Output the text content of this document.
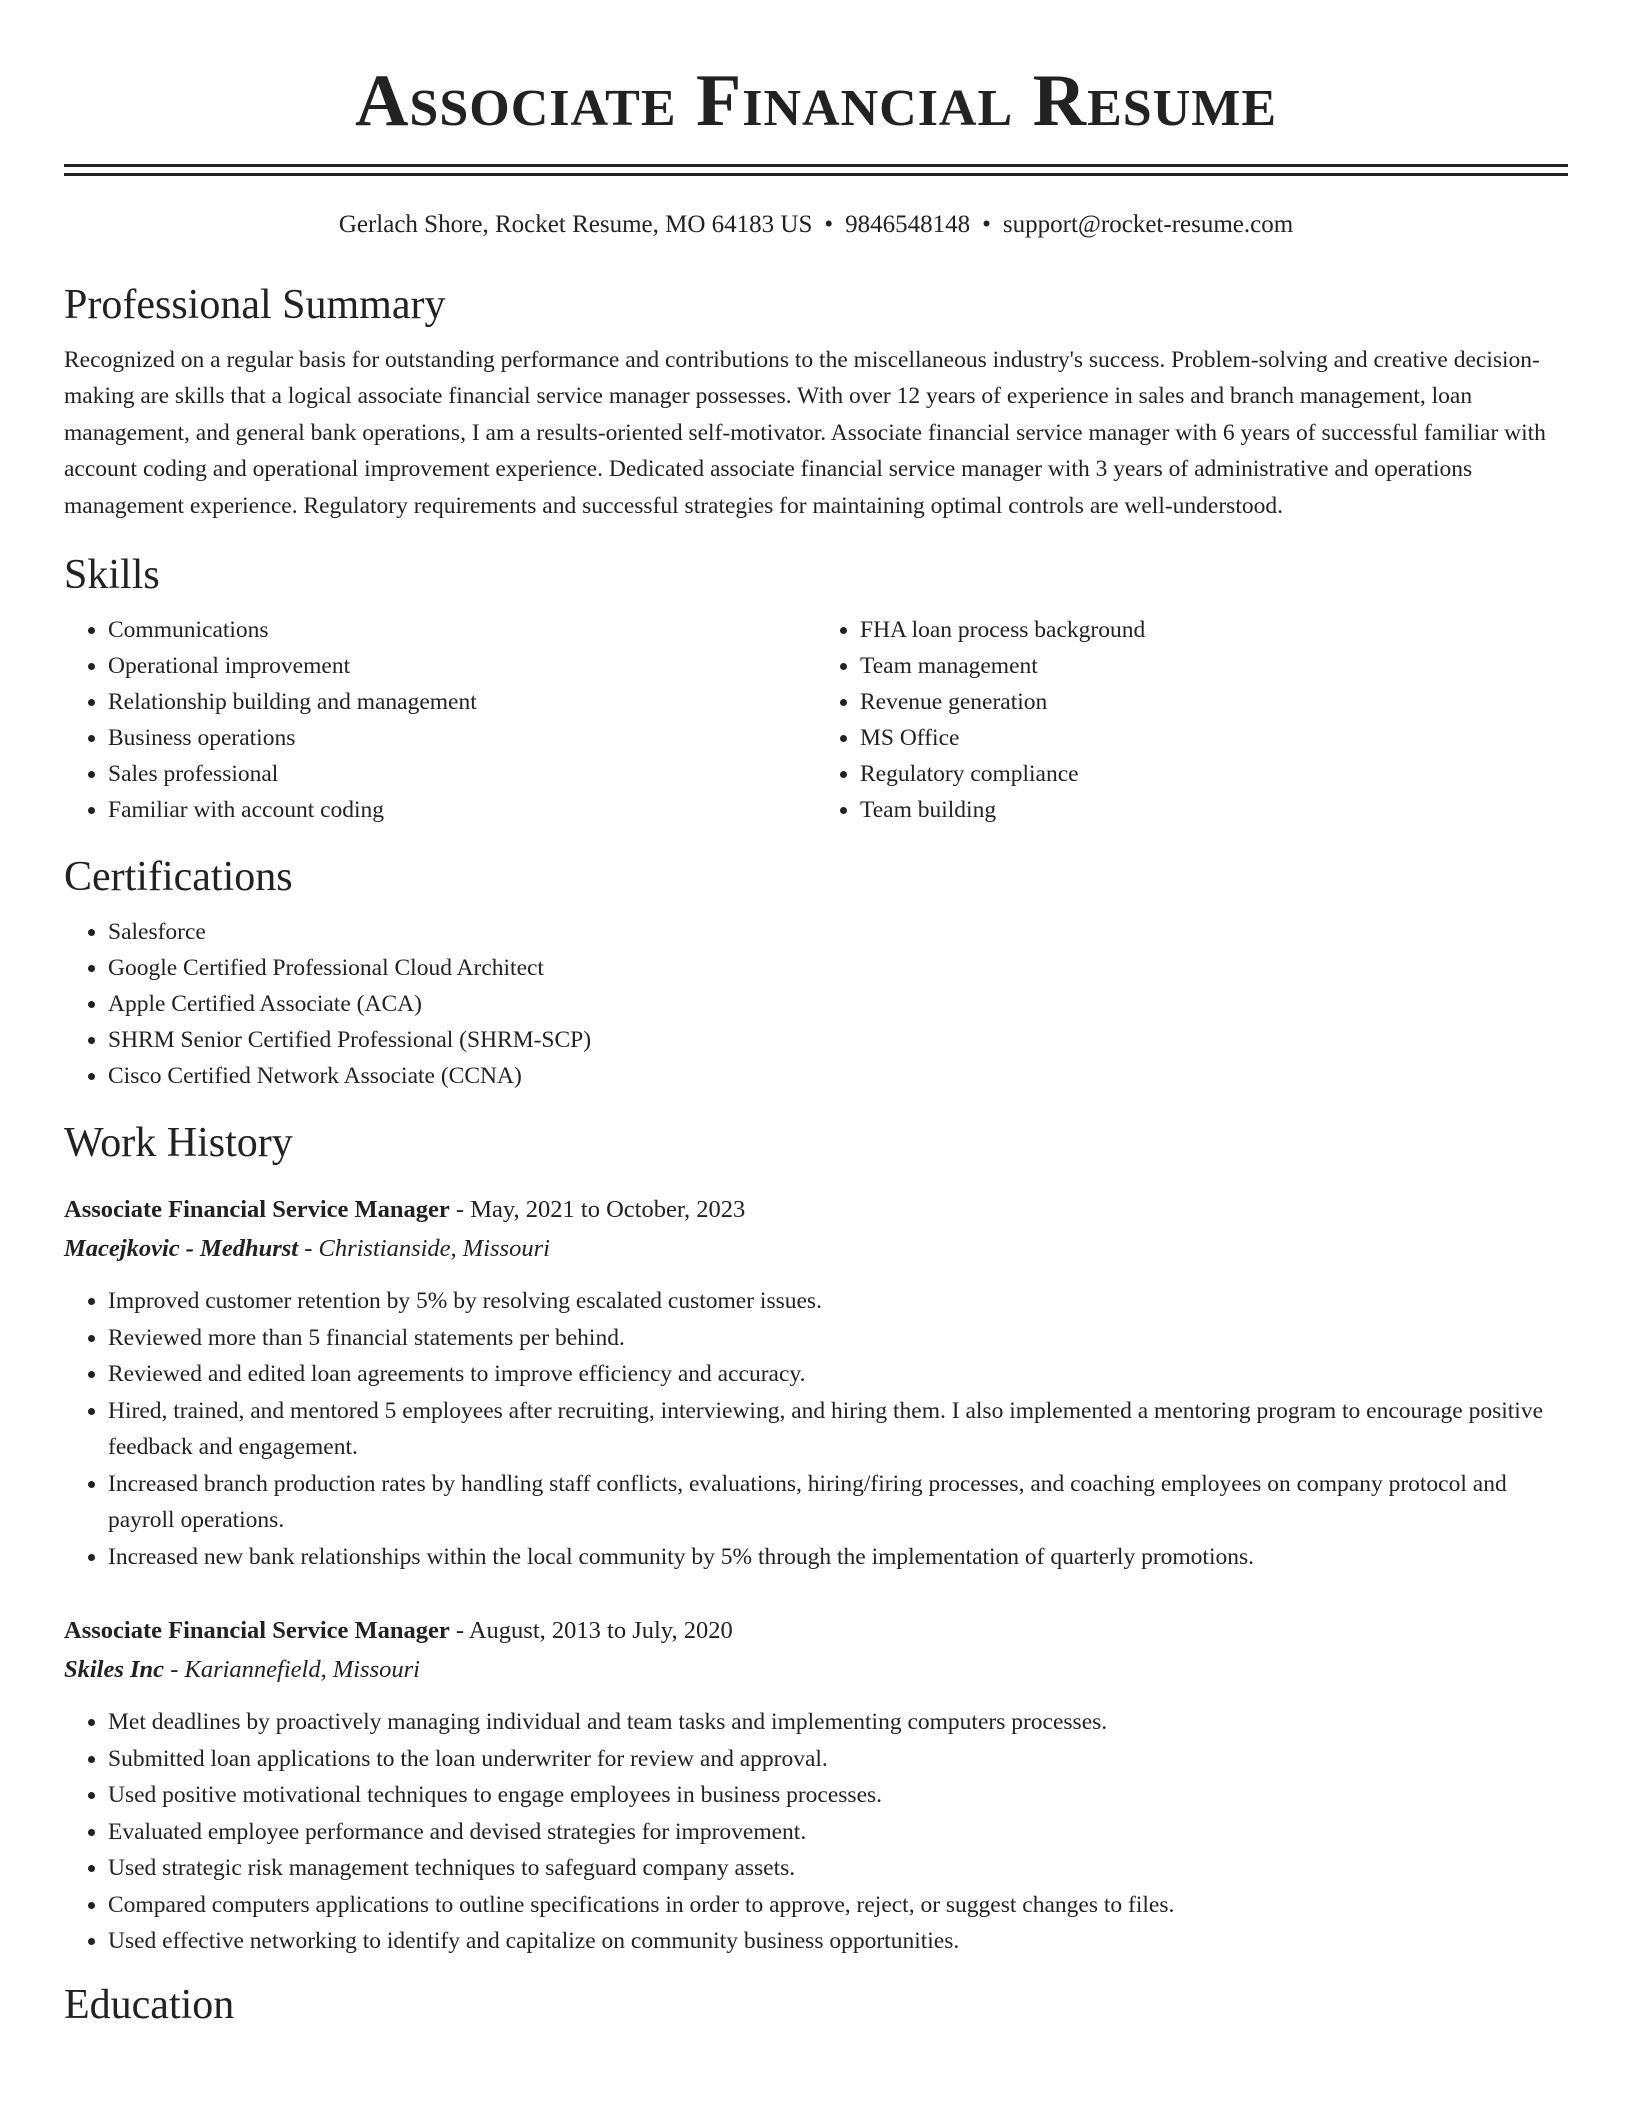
Associate Financial Resume
Gerlach Shore, Rocket Resume, MO 64183 US • 9846548148 • support@rocket-resume.com
Professional Summary

Recognized on a regular basis for outstanding performance and contributions to the miscellaneous industry's success. Problem-solving and creative decision-making are skills that a logical associate financial service manager possesses. With over 12 years of experience in sales and branch management, loan management, and general bank operations, I am a results-oriented self-motivator. Associate financial service manager with 6 years of successful familiar with account coding and operational improvement experience. Dedicated associate financial service manager with 3 years of administrative and operations management experience. Regulatory requirements and successful strategies for maintaining optimal controls are well-understood.

Skills
• Communications
• Operational improvement
• Relationship building and management
• Business operations
• Sales professional
• Familiar with account coding
• FHA loan process background
• Team management
• Revenue generation
• MS Office
• Regulatory compliance
• Team building
Certifications
• Salesforce
• Google Certified Professional Cloud Architect
• Apple Certified Associate (ACA)
• SHRM Senior Certified Professional (SHRM-SCP)
• Cisco Certified Network Associate (CCNA)
Work History
Associate Financial Service Manager - May, 2021 to October, 2023
Macejkovic - Medhurst - Christianside, Missouri
• Improved customer retention by 5% by resolving escalated customer issues.
• Reviewed more than 5 financial statements per behind.
• Reviewed and edited loan agreements to improve efficiency and accuracy.
• Hired, trained, and mentored 5 employees after recruiting, interviewing, and hiring them. I also implemented a mentoring program to encourage positive feedback and engagement.
• Increased branch production rates by handling staff conflicts, evaluations, hiring/firing processes, and coaching employees on company protocol and payroll operations.
• Increased new bank relationships within the local community by 5% through the implementation of quarterly promotions.
Associate Financial Service Manager - August, 2013 to July, 2020
Skiles Inc - Kariannefield, Missouri
• Met deadlines by proactively managing individual and team tasks and implementing computers processes.
• Submitted loan applications to the loan underwriter for review and approval.
• Used positive motivational techniques to engage employees in business processes.
• Evaluated employee performance and devised strategies for improvement.
• Used strategic risk management techniques to safeguard company assets.
• Compared computers applications to outline specifications in order to approve, reject, or suggest changes to files.
• Used effective networking to identify and capitalize on community business opportunities.
Education
